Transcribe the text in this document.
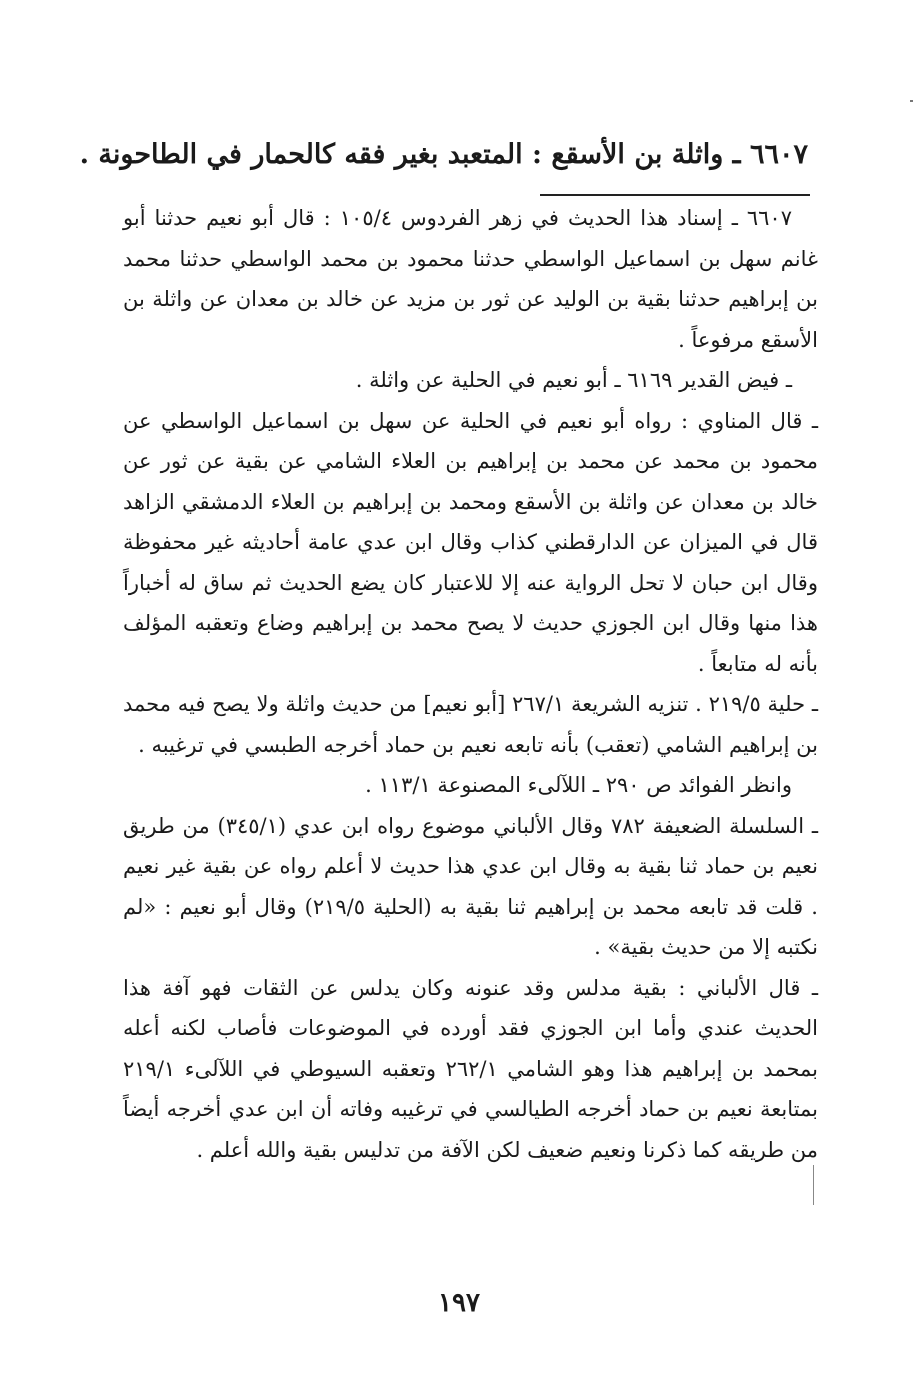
٦٦٠٧ ـ واثلة بن الأسقع : المتعبد بغير فقه كالحمار في الطاحونة .

٦٦٠٧ ـ إسناد هذا الحديث في زهر الفردوس ١٠٥/٤ : قال أبو نعيم حدثنا أبو غانم سهل بن اسماعيل الواسطي حدثنا محمود بن محمد الواسطي حدثنا محمد بن إبراهيم حدثنا بقية بن الوليد عن ثور بن مزيد عن خالد بن معدان عن واثلة بن الأسقع مرفوعاً .

ـ فيض القدير ٦١٦٩ ـ أبو نعيم في الحلية عن واثلة .

ـ قال المناوي : رواه أبو نعيم في الحلية عن سهل بن اسماعيل الواسطي عن محمود بن محمد عن محمد بن إبراهيم بن العلاء الشامي عن بقية عن ثور عن خالد بن معدان عن واثلة بن الأسقع ومحمد بن إبراهيم بن العلاء الدمشقي الزاهد قال في الميزان عن الدارقطني كذاب وقال ابن عدي عامة أحاديثه غير محفوظة وقال ابن حبان لا تحل الرواية عنه إلا للاعتبار كان يضع الحديث ثم ساق له أخباراً هذا منها وقال ابن الجوزي حديث لا يصح محمد بن إبراهيم وضاع وتعقبه المؤلف بأنه له متابعاً .

ـ حلية ٢١٩/٥ . تنزيه الشريعة ٢٦٧/١ [أبو نعيم] من حديث واثلة ولا يصح فيه محمد بن إبراهيم الشامي (تعقب) بأنه تابعه نعيم بن حماد أخرجه الطبسي في ترغيبه .

وانظر الفوائد ص ٢٩٠ ـ اللآلىء المصنوعة ١١٣/١ .

ـ السلسلة الضعيفة ٧٨٢ وقال الألباني موضوع رواه ابن عدي (٣٤٥/١) من طريق نعيم بن حماد ثنا بقية به وقال ابن عدي هذا حديث لا أعلم رواه عن بقية غير نعيم . قلت قد تابعه محمد بن إبراهيم ثنا بقية به (الحلية ٢١٩/٥) وقال أبو نعيم : «لم نكتبه إلا من حديث بقية» .

ـ قال الألباني : بقية مدلس وقد عنونه وكان يدلس عن الثقات فهو آفة هذا الحديث عندي وأما ابن الجوزي فقد أورده في الموضوعات فأصاب لكنه أعله بمحمد بن إبراهيم هذا وهو الشامي ٢٦٢/١ وتعقبه السيوطي في اللآلىء ٢١٩/١ بمتابعة نعيم بن حماد أخرجه الطيالسي في ترغيبه وفاته أن ابن عدي أخرجه أيضاً من طريقه كما ذكرنا ونعيم ضعيف لكن الآفة من تدليس بقية والله أعلم .

١٩٧
